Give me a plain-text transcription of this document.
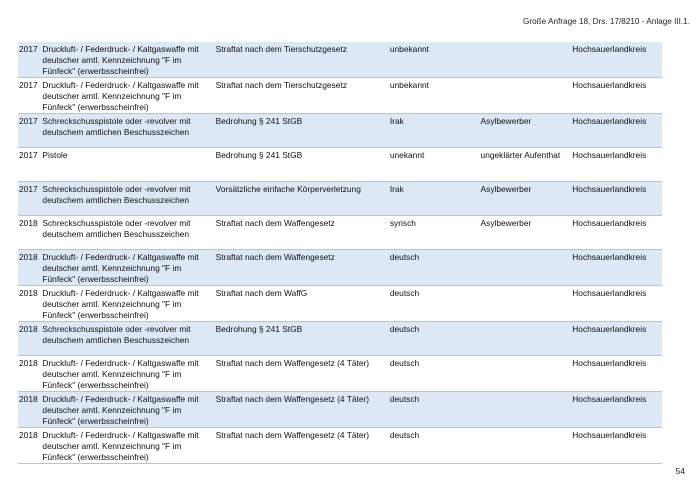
Große Anfrage 18, Drs. 17/8210 - Anlage III.1.
2017	Druckluft- / Federdruck- / Kaltgaswaffe mit deutscher amtl. Kennzeichnung "F im Fünfeck" (erwerbsscheinfrei)	Straftat nach dem Tierschutzgesetz	unbekannt		Hochsauerlandkreis
2017	Druckluft- / Federdruck- / Kaltgaswaffe mit deutscher amtl. Kennzeichnung "F im Fünfeck" (erwerbsscheinfrei)	Straftat nach dem Tierschutzgesetz	unbekannt		Hochsauerlandkreis
2017	Schreckschusspistole oder -revolver mit deutschem amtlichen Beschusszeichen	Bedrohung § 241 StGB	Irak	Asylbewerber	Hochsauerlandkreis
2017	Pistole	Bedrohung § 241 StGB	unekannt	ungeklärter Aufenthat	Hochsauerlandkreis
2017	Schreckschusspistole oder -revolver mit deutschem amtlichen Beschusszeichen	Vorsätzliche einfache Körperverletzung	Irak	Asylbewerber	Hochsauerlandkreis
2018	Schreckschusspistole oder -revolver mit deutschem amtlichen Beschusszeichen	Straftat nach dem Waffengesetz	syrisch	Asylbewerber	Hochsauerlandkreis
2018	Druckluft- / Federdruck- / Kaltgaswaffe mit deutscher amtl. Kennzeichnung "F im Fünfeck" (erwerbsscheinfrei)	Straftat nach dem Waffengesetz	deutsch		Hochsauerlandkreis
2018	Druckluft- / Federdruck- / Kaltgaswaffe mit deutscher amtl. Kennzeichnung "F im Fünfeck" (erwerbsscheinfrei)	Straftat nach dem WaffG	deutsch		Hochsauerlandkreis
2018	Schreckschusspistole oder -revolver mit deutschem amtlichen Beschusszeichen	Bedrohung § 241 StGB	deutsch		Hochsauerlandkreis
2018	Druckluft- / Federdruck- / Kaltgaswaffe mit deutscher amtl. Kennzeichnung "F im Fünfeck" (erwerbsscheinfrei)	Straftat nach dem Waffengesetz (4 Täter)	deutsch		Hochsauerlandkreis
2018	Druckluft- / Federdruck- / Kaltgaswaffe mit deutscher amtl. Kennzeichnung "F im Fünfeck" (erwerbsscheinfrei)	Straftat nach dem Waffengesetz (4 Täter)	deutsch		Hochsauerlandkreis
2018	Druckluft- / Federdruck- / Kaltgaswaffe mit deutscher amtl. Kennzeichnung "F im Fünfeck" (erwerbsscheinfrei)	Straftat nach dem Waffengesetz (4 Täter)	deutsch		Hochsauerlandkreis
54
